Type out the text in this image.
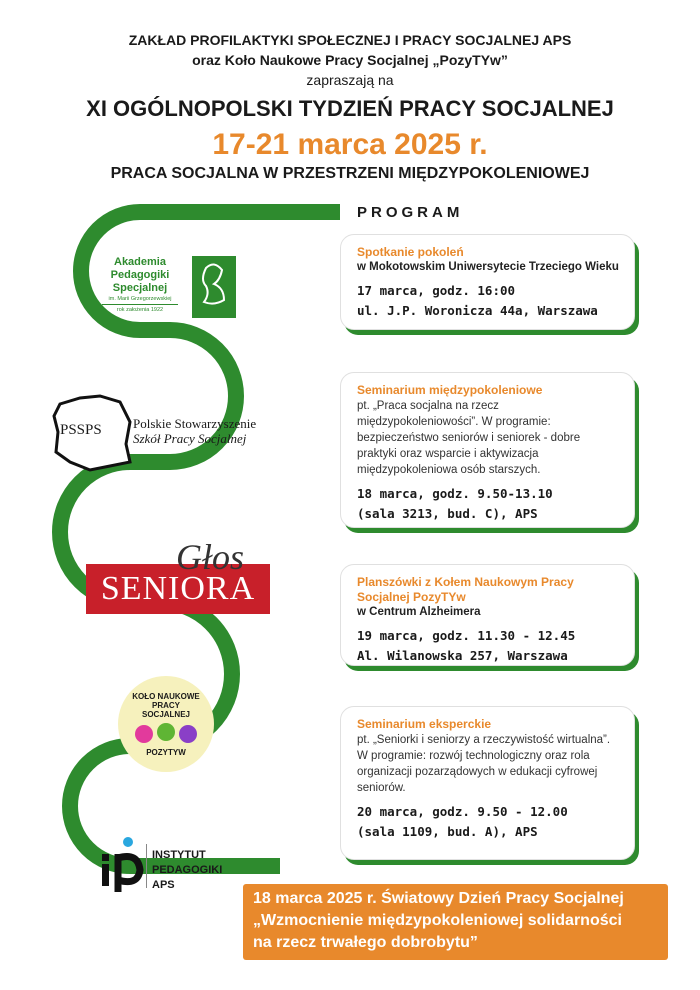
ZAKŁAD PROFILAKTYKI SPOŁECZNEJ I PRACY SOCJALNEJ APS
oraz Koło Naukowe Pracy Socjalnej „PozyTYw”
zapraszają na
XI OGÓLNOPOLSKI TYDZIEŃ PRACY SOCJALNEJ
17-21 marca 2025 r.
PRACA SOCJALNA W PRZESTRZENI MIĘDZYPOKOLENIOWEJ
PROGRAM
Akademia
Pedagogiki
Specjalnej
im. Marii Grzegorzewskiej
rok założenia 1922
PSSPS Polskie Stowarzyszenie
Szkół Pracy Socjalnej
Głos
SENIORA
KOŁO NAUKOWE
PRACY
SOCJALNEJ
POZYTYW
INSTYTUT
PEDAGOGIKI
APS
Spotkanie pokoleń
w Mokotowskim Uniwersytecie Trzeciego Wieku
17 marca, godz. 16:00
ul. J.P. Woronicza 44a, Warszawa
Seminarium międzypokoleniowe
pt. „Praca socjalna na rzecz międzypokoleniowości”. W programie: bezpieczeństwo seniorów i seniorek - dobre praktyki oraz wsparcie i aktywizacja międzypokoleniowa osób starszych.
18 marca, godz. 9.50-13.10
(sala 3213, bud. C), APS
Planszówki z Kołem Naukowym Pracy Socjalnej PozyTYw
w Centrum Alzheimera
19 marca, godz. 11.30 - 12.45
Al. Wilanowska 257, Warszawa
Seminarium eksperckie
pt. „Seniorki i seniorzy a rzeczywistość wirtualna”. W programie: rozwój technologiczny oraz rola organizacji pozarządowych w edukacji cyfrowej seniorów.
20 marca, godz. 9.50 - 12.00
(sala 1109, bud. A), APS
18 marca 2025 r. Światowy Dzień Pracy Socjalnej
„Wzmocnienie międzypokoleniowej solidarności
na rzecz trwałego dobrobytu”
